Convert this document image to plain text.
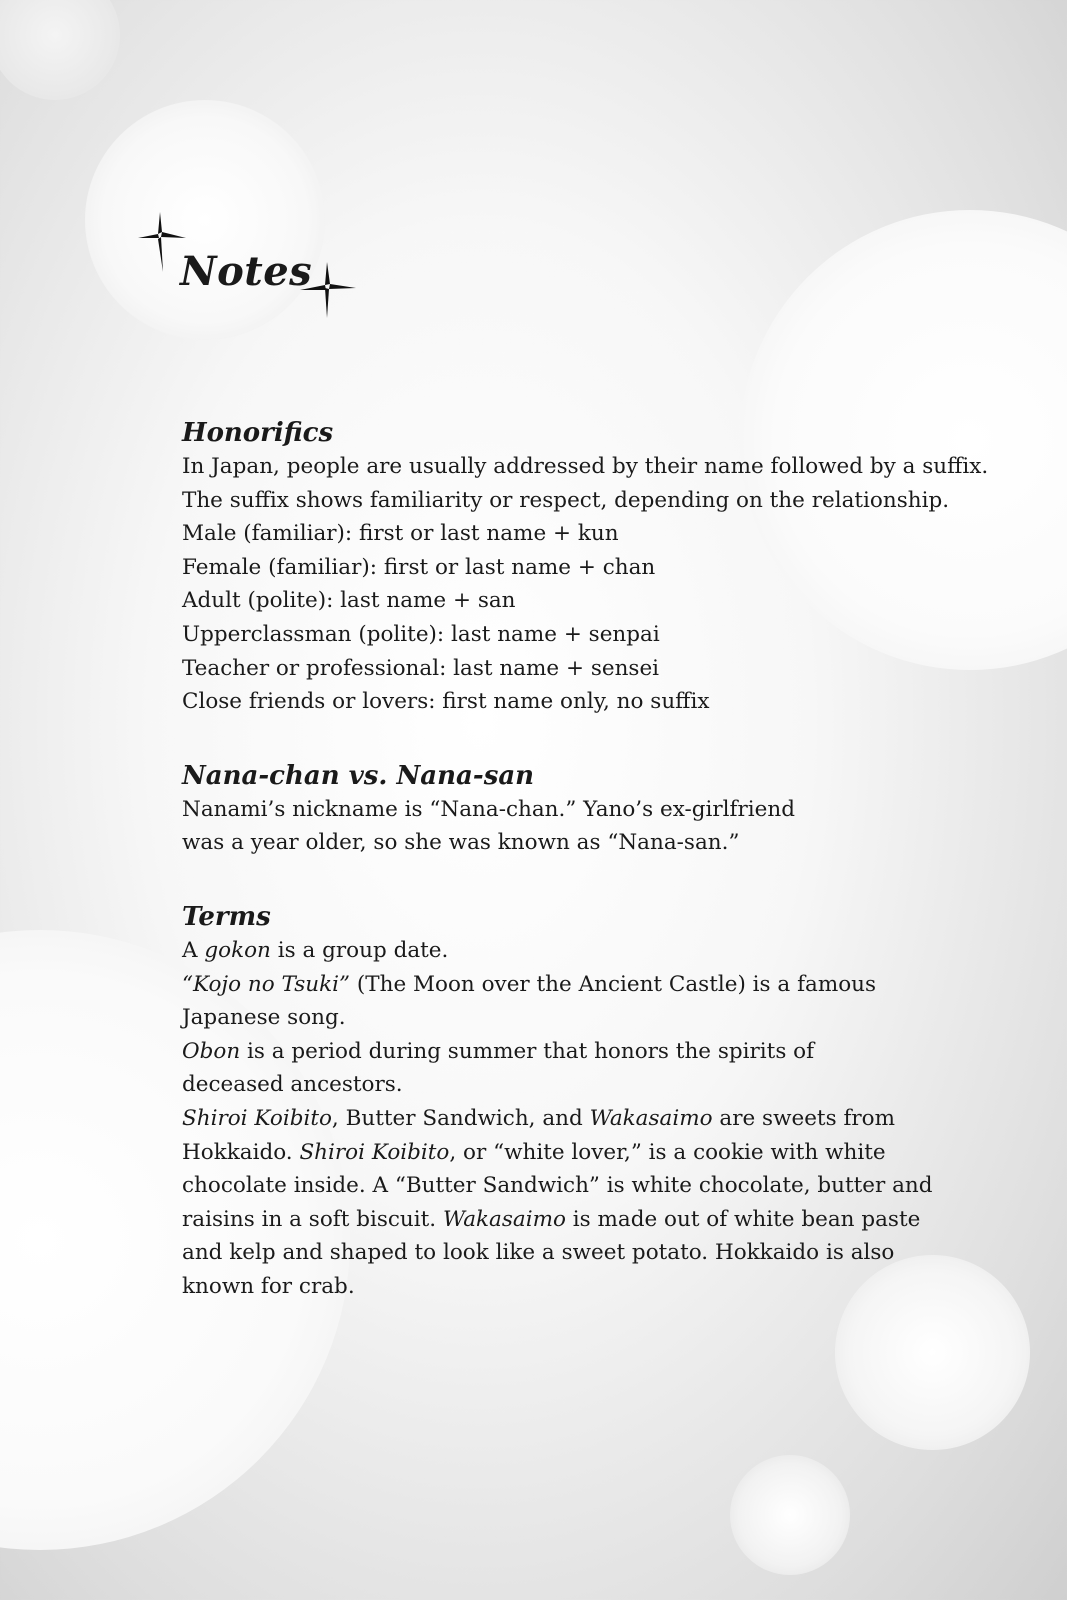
Notes
Honorifics
In Japan, people are usually addressed by their name followed by a suffix.
The suffix shows familiarity or respect, depending on the relationship.
Male (familiar): first or last name + kun
Female (familiar): first or last name + chan
Adult (polite): last name + san
Upperclassman (polite): last name + senpai
Teacher or professional: last name + sensei
Close friends or lovers: first name only, no suffix
Nana-chan vs. Nana-san
Nanami’s nickname is “Nana-chan.” Yano’s ex-girlfriend
was a year older, so she was known as “Nana-san.”
Terms
A gokon is a group date.
“Kojo no Tsuki” (The Moon over the Ancient Castle) is a famous
Japanese song.
Obon is a period during summer that honors the spirits of
deceased ancestors.
Shiroi Koibito, Butter Sandwich, and Wakasaimo are sweets from
Hokkaido. Shiroi Koibito, or “white lover,” is a cookie with white
chocolate inside. A “Butter Sandwich” is white chocolate, butter and
raisins in a soft biscuit. Wakasaimo is made out of white bean paste
and kelp and shaped to look like a sweet potato. Hokkaido is also
known for crab.
